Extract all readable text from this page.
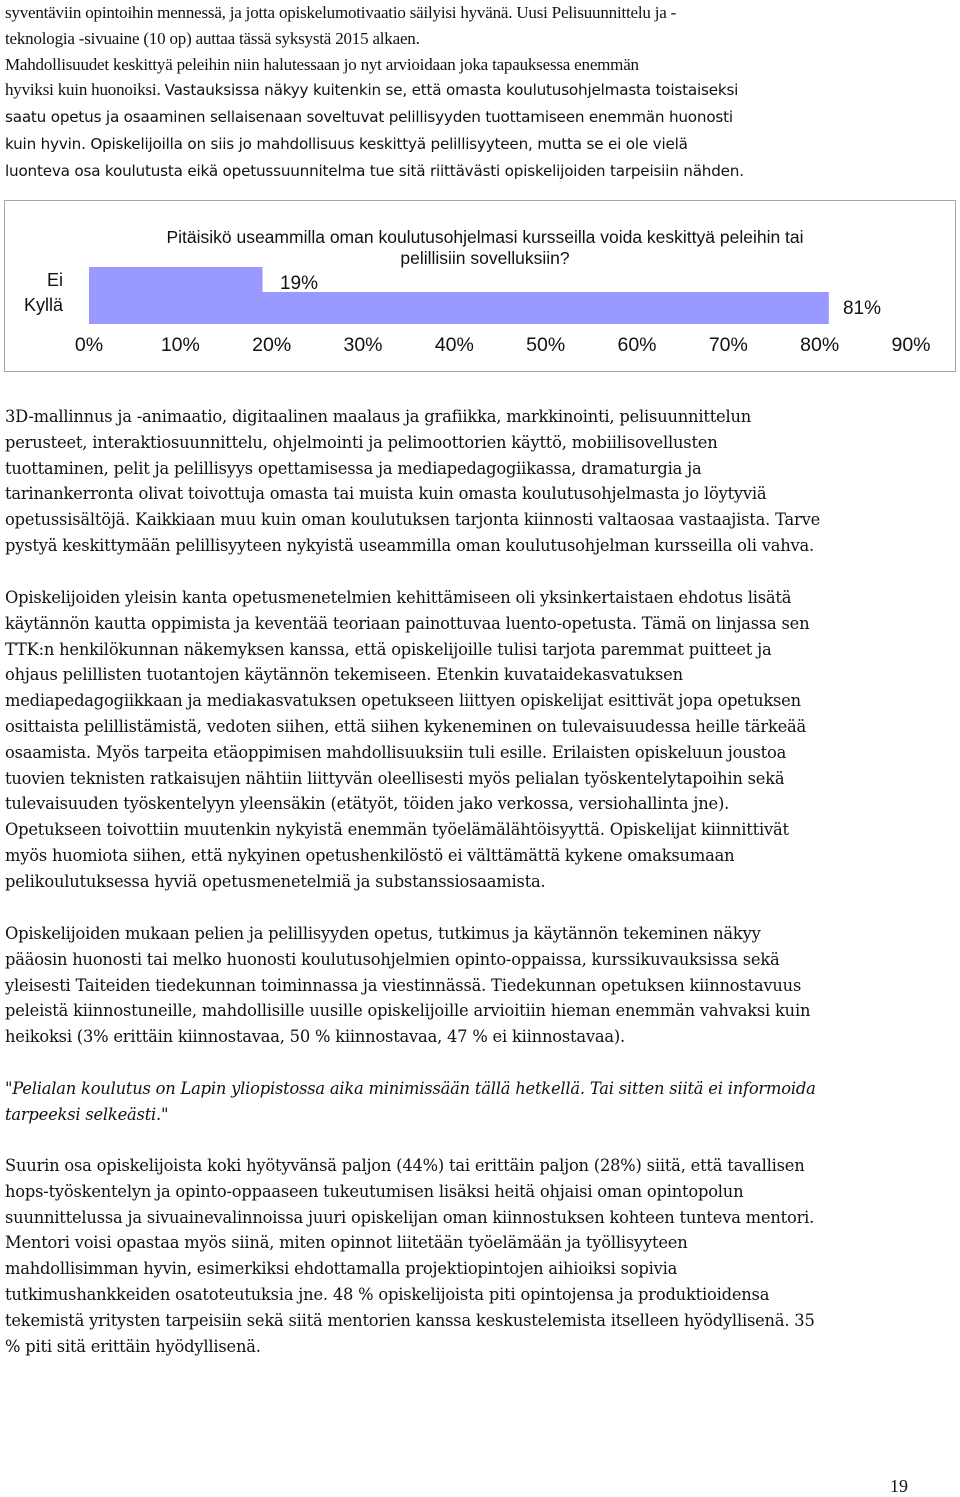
syventäviin opintoihin mennessä, ja jotta opiskelumotivaatio säilyisi hyvänä. Uusi Pelisuunnittelu ja -
teknologia -sivuaine (10 op) auttaa tässä syksystä 2015 alkaen.
Mahdollisuudet keskittyä peleihin niin halutessaan jo nyt arvioidaan joka tapauksessa enemmän
hyviksi kuin huonoiksi. Vastauksissa näkyy kuitenkin se, että omasta koulutusohjelmasta toistaiseksi
saatu opetus ja osaaminen sellaisenaan soveltuvat pelillisyyden tuottamiseen enemmän huonosti
kuin hyvin. Opiskelijoilla on siis jo mahdollisuus keskittyä pelillisyyteen, mutta se ei ole vielä
luonteva osa koulutusta eikä opetussuunnitelma tue sitä riittävästi opiskelijoiden tarpeisiin nähden.

Pitäisikö useammilla oman koulutusohjelmasi kursseilla voida keskittyä peleihin tai
pelillisiin sovelluksiin?
Ei
Kyllä
19%
81%
0%	10%	20%	30%	40%	50%	60%	70%	80%	90%

3D-mallinnus ja -animaatio, digitaalinen maalaus ja grafiikka, markkinointi, pelisuunnittelun
perusteet, interaktiosuunnittelu, ohjelmointi ja pelimoottorien käyttö, mobiilisovellusten
tuottaminen, pelit ja pelillisyys opettamisessa ja mediapedagogiikassa, dramaturgia ja
tarinankerronta olivat toivottuja omasta tai muista kuin omasta koulutusohjelmasta jo löytyviä
opetussisältöjä. Kaikkiaan muu kuin oman koulutuksen tarjonta kiinnosti valtaosaa vastaajista. Tarve
pystyä keskittymään pelillisyyteen nykyistä useammilla oman koulutusohjelman kursseilla oli vahva.

Opiskelijoiden yleisin kanta opetusmenetelmien kehittämiseen oli yksinkertaistaen ehdotus lisätä
käytännön kautta oppimista ja keventää teoriaan painottuvaa luento-opetusta. Tämä on linjassa sen
TTK:n henkilökunnan näkemyksen kanssa, että opiskelijoille tulisi tarjota paremmat puitteet ja
ohjaus pelillisten tuotantojen käytännön tekemiseen. Etenkin kuvataidekasvatuksen
mediapedagogiikkaan ja mediakasvatuksen opetukseen liittyen opiskelijat esittivät jopa opetuksen
osittaista pelillistämistä, vedoten siihen, että siihen kykeneminen on tulevaisuudessa heille tärkeää
osaamista. Myös tarpeita etäoppimisen mahdollisuuksiin tuli esille. Erilaisten opiskeluun joustoa
tuovien teknisten ratkaisujen nähtiin liittyvän oleellisesti myös pelialan työskentelytapoihin sekä
tulevaisuuden työskentelyyn yleensäkin (etätyöt, töiden jako verkossa, versiohallinta jne).
Opetukseen toivottiin muutenkin nykyistä enemmän työelämälähtöisyyttä. Opiskelijat kiinnittivät
myös huomiota siihen, että nykyinen opetushenkilöstö ei välttämättä kykene omaksumaan
pelikoulutuksessa hyviä opetusmenetelmiä ja substanssiosaamista.

Opiskelijoiden mukaan pelien ja pelillisyyden opetus, tutkimus ja käytännön tekeminen näkyy
pääosin huonosti tai melko huonosti koulutusohjelmien opinto-oppaissa, kurssikuvauksissa sekä
yleisesti Taiteiden tiedekunnan toiminnassa ja viestinnässä. Tiedekunnan opetuksen kiinnostavuus
peleistä kiinnostuneille, mahdollisille uusille opiskelijoille arvioitiin hieman enemmän vahvaksi kuin
heikoksi (3% erittäin kiinnostavaa, 50 % kiinnostavaa, 47 % ei kiinnostavaa).

"Pelialan koulutus on Lapin yliopistossa aika minimissään tällä hetkellä. Tai sitten siitä ei informoida
tarpeeksi selkeästi."

Suurin osa opiskelijoista koki hyötyvänsä paljon (44%) tai erittäin paljon (28%) siitä, että tavallisen
hops-työskentelyn ja opinto-oppaaseen tukeutumisen lisäksi heitä ohjaisi oman opintopolun
suunnittelussa ja sivuainevalinnoissa juuri opiskelijan oman kiinnostuksen kohteen tunteva mentori.
Mentori voisi opastaa myös siinä, miten opinnot liitetään työelämään ja työllisyyteen
mahdollisimman hyvin, esimerkiksi ehdottamalla projektiopintojen aihioiksi sopivia
tutkimushankkeiden osatoteutuksia jne. 48 % opiskelijoista piti opintojensa ja produktioidensa
tekemistä yritysten tarpeisiin sekä siitä mentorien kanssa keskustelemista itselleen hyödyllisenä. 35
% piti sitä erittäin hyödyllisenä.

19
